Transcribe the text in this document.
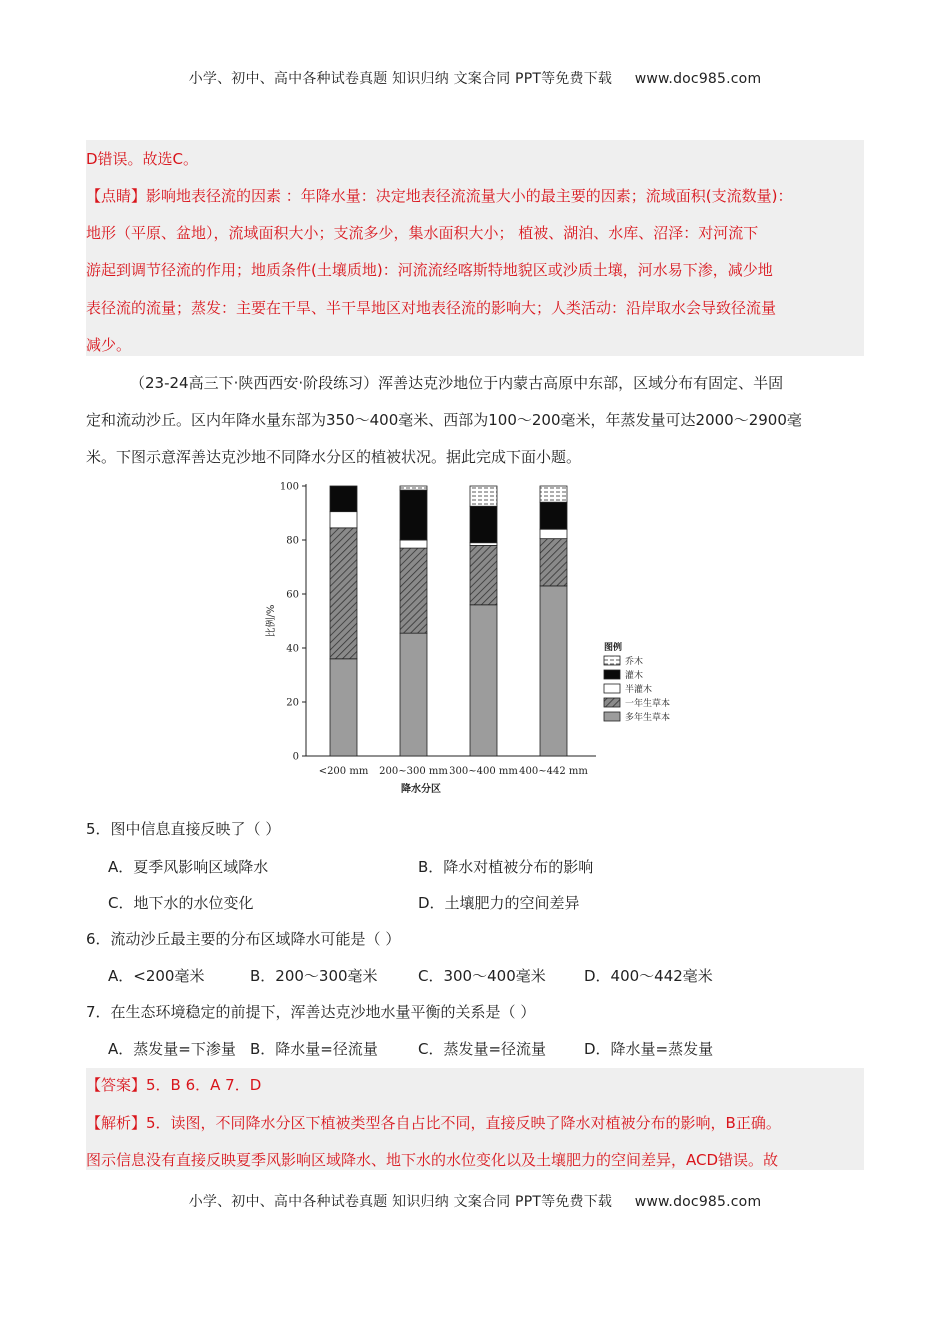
小学、初中、高中各种试卷真题 知识归纳 文案合同 PPT等免费下载 www.doc985.com
D错误。故选C。
【点睛】影响地表径流的因素 ：年降水量：决定地表径流流量大小的最主要的因素；流域面积(支流数量)：
地形（平原、盆地），流域面积大小；支流多少，集水面积大小； 植被、湖泊、水库、沼泽：对河流下
游起到调节径流的作用；地质条件(土壤质地)：河流流经喀斯特地貌区或沙质土壤，河水易下渗，减少地
表径流的流量；蒸发：主要在干旱、半干旱地区对地表径流的影响大；人类活动：沿岸取水会导致径流量
减少。
（23-24高三下·陕西西安·阶段练习）浑善达克沙地位于内蒙古高原中东部，区域分布有固定、半固
定和流动沙丘。区内年降水量东部为350～400毫米、西部为100～200毫米，年蒸发量可达2000～2900毫
米。下图示意浑善达克沙地不同降水分区的植被状况。据此完成下面小题。
0
20
40
60
80
100
比例/%
<200 mm 200~300 mm 300~400 mm 400~442 mm
降水分区
图例
乔木
灌木
半灌木
一年生草本
多年生草本
5．图中信息直接反映了（ ）
A．夏季风影响区域降水	B．降水对植被分布的影响
C．地下水的水位变化	D．土壤肥力的空间差异
6．流动沙丘最主要的分布区域降水可能是（ ）
A．<200毫米	B．200～300毫米	C．300～400毫米	D．400～442毫米
7．在生态环境稳定的前提下，浑善达克沙地水量平衡的关系是（ ）
A．蒸发量=下渗量 B．降水量=径流量	C．蒸发量=径流量	D．降水量=蒸发量
【答案】5．B 6．A 7．D
【解析】5．读图，不同降水分区下植被类型各自占比不同，直接反映了降水对植被分布的影响，B正确。
图示信息没有直接反映夏季风影响区域降水、地下水的水位变化以及土壤肥力的空间差异，ACD错误。故
小学、初中、高中各种试卷真题 知识归纳 文案合同 PPT等免费下载 www.doc985.com
